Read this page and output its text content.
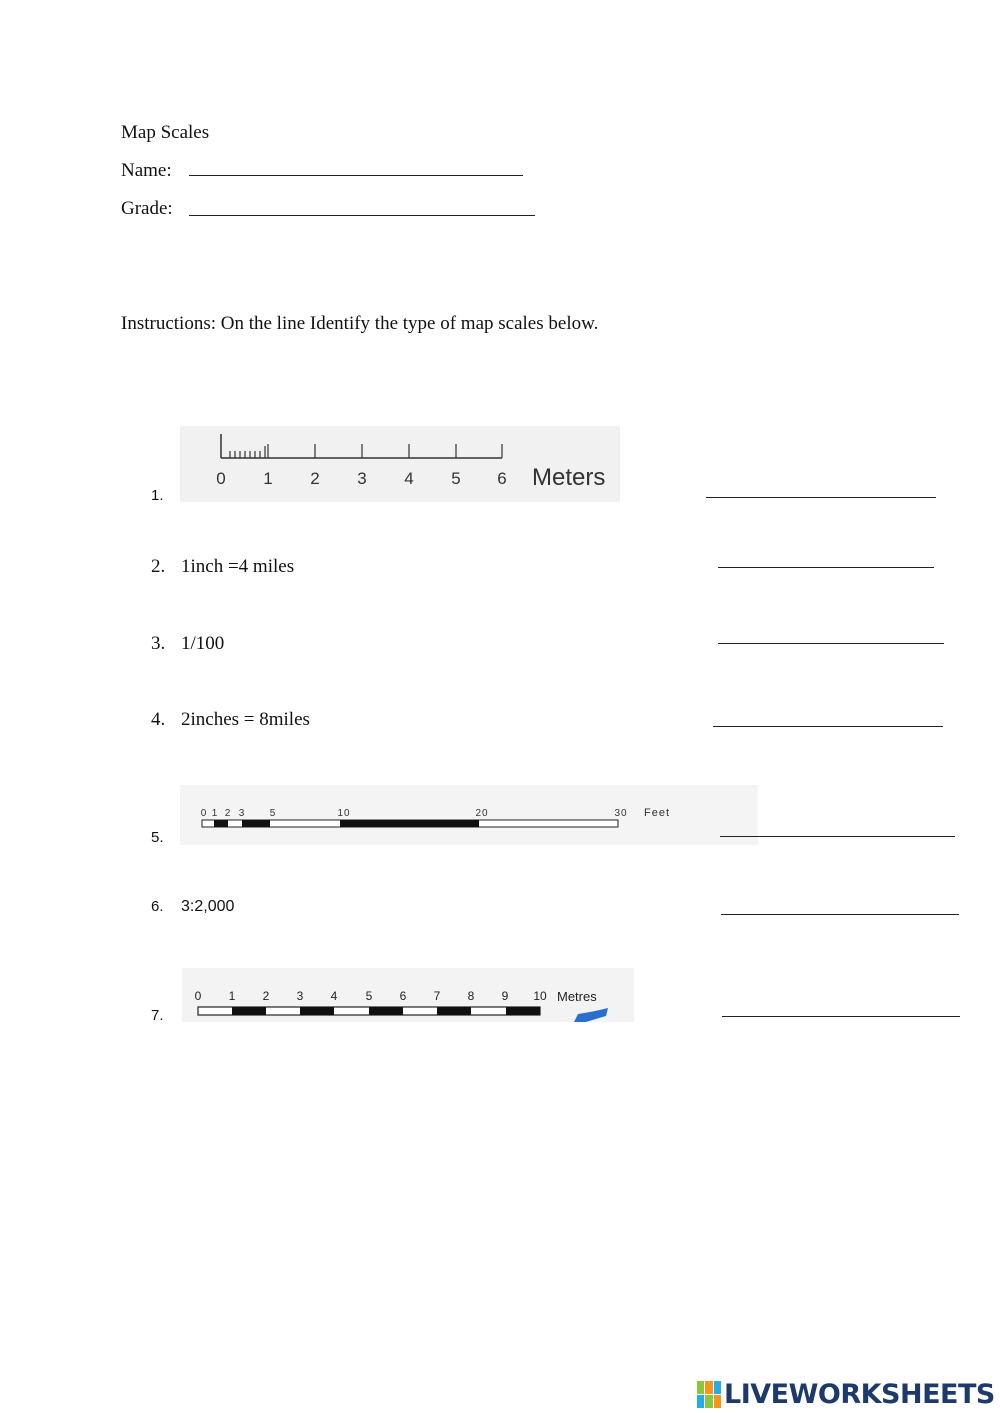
Map Scales
Name:
Grade:
Instructions: On the line Identify the type of map scales below.
1.
0 1 2 3 4 5 6 Meters
2. 1inch =4 miles
3. 1/100
4. 2inches = 8miles
5.
0 1 2 3 5	10	20	30 Feet
6. 3:2,000
7.
0 1 2 3 4 5 6 7 8 9 10 Metres
LIVEWORKSHEETS
